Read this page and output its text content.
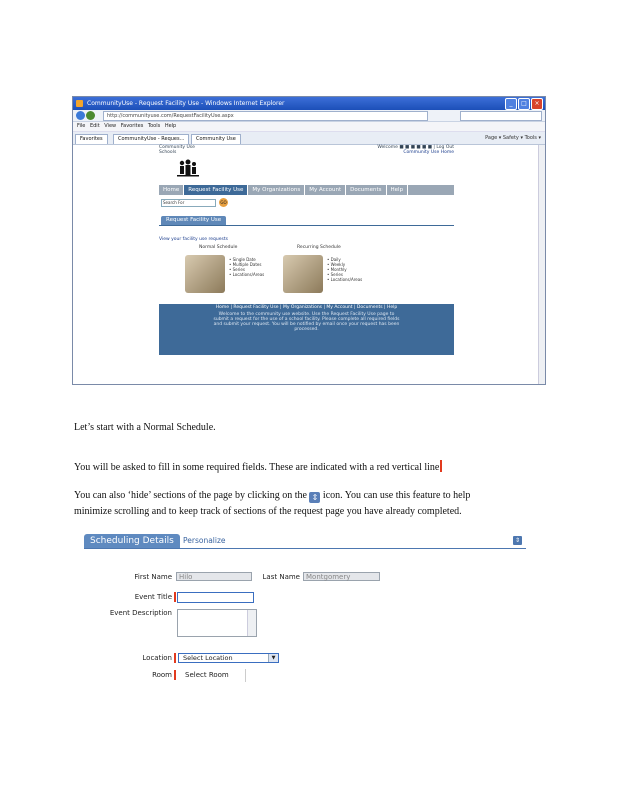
CommunityUse - Request Facility Use - Windows Internet Explorer	_	□	×
http://communityuse.com/RequestFacilityUse.aspx
File Edit View Favorites Tools Help
Favorites	CommunityUse - Reques...	Community Use	Page ▾ Safety ▾ Tools ▾
Community Use
Schools
Welcome ■ ■ ■ ■ ■ ■ | Log Out
Community Use Home
Home	Request Facility Use	My Organizations	My Account	Documents	Help
Search For	GO
Request Facility Use
View your facility use requests
Normal Schedule
• Single Date
• Multiple Dates
• Series
• Locations/Areas
Recurring Schedule
• Daily
• Weekly
• Monthly
• Series
• Locations/Areas
Home | Request Facility Use | My Organizations | My Account | Documents | Help
Welcome to the community use website. Use the Request Facility Use page to submit a request for the use of a school facility. Please complete all required fields and submit your request. You will be notified by email once your request has been processed.
Let’s start with a Normal Schedule.
You will be asked to fill in some required fields. These are indicated with a red vertical line
You can also ‘hide’ sections of the page by clicking on the ⇕ icon. You can use this feature to help
minimize scrolling and to keep track of sections of the request page you have already completed.
Scheduling Details	Personalize	⇕
First Name	Hilo	Last Name Montgomery
Event Title
Event Description
Location	Select Location	▼
Room Select Room
